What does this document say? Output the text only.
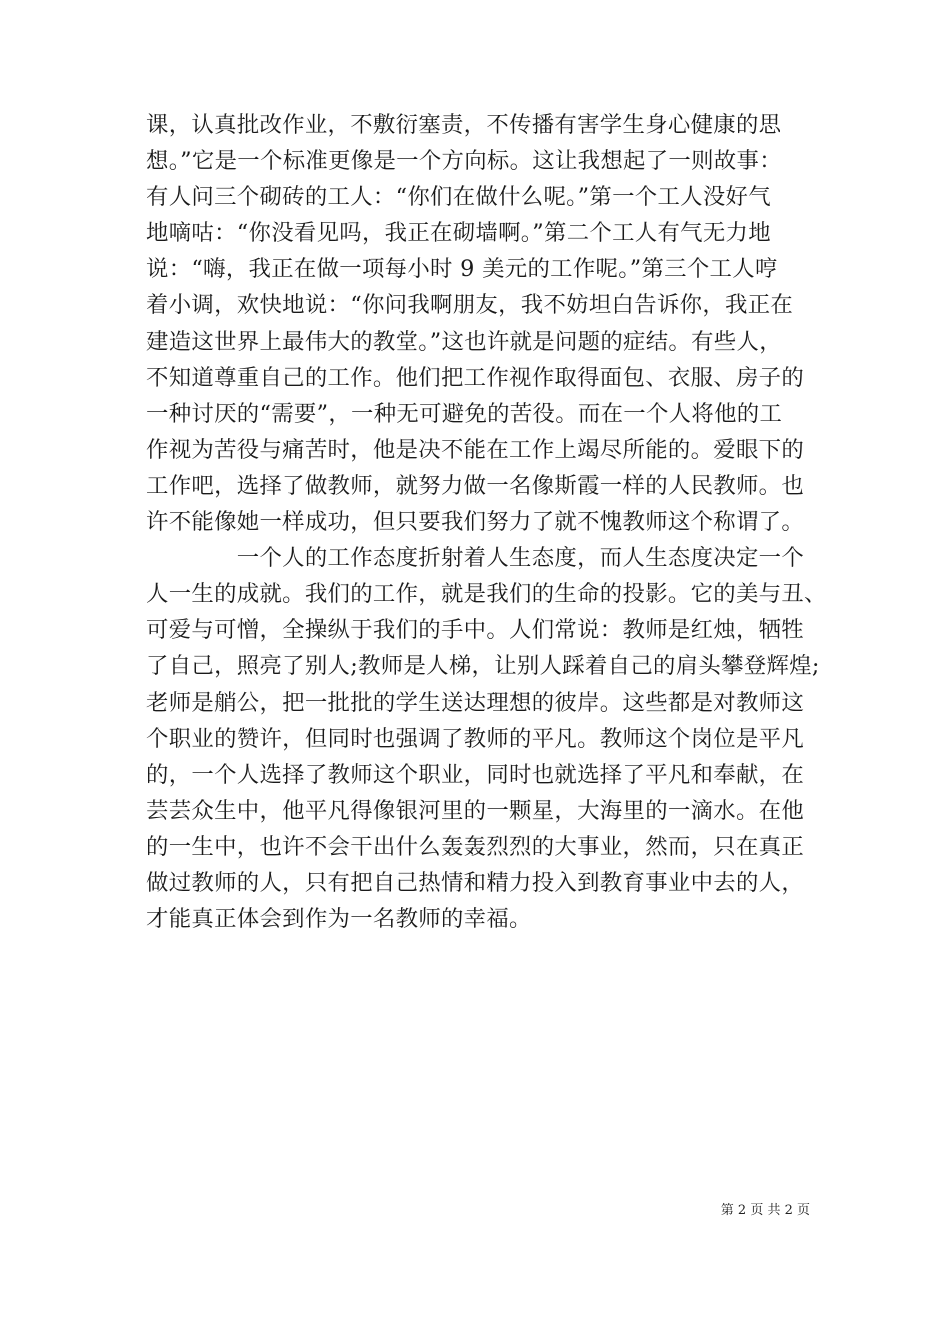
课，认真批改作业，不敷衍塞责，不传播有害学生身心健康的思
想。”它是一个标准更像是一个方向标。这让我想起了一则故事：
有人问三个砌砖的工人：“你们在做什么呢。”第一个工人没好气
地嘀咕：“你没看见吗，我正在砌墙啊。”第二个工人有气无力地
说：“嗨，我正在做一项每小时 9 美元的工作呢。”第三个工人哼
着小调，欢快地说：“你问我啊朋友，我不妨坦白告诉你，我正在
建造这世界上最伟大的教堂。”这也许就是问题的症结。有些人，
不知道尊重自己的工作。他们把工作视作取得面包、衣服、房子的
一种讨厌的“需要”，一种无可避免的苦役。而在一个人将他的工
作视为苦役与痛苦时，他是决不能在工作上竭尽所能的。爱眼下的
工作吧，选择了做教师，就努力做一名像斯霞一样的人民教师。也
许不能像她一样成功，但只要我们努力了就不愧教师这个称谓了。
　　　　一个人的工作态度折射着人生态度，而人生态度决定一个
人一生的成就。我们的工作，就是我们的生命的投影。它的美与丑、
可爱与可憎，全操纵于我们的手中。人们常说：教师是红烛，牺牲
了自己，照亮了别人;教师是人梯，让别人踩着自己的肩头攀登辉煌;
老师是艄公，把一批批的学生送达理想的彼岸。这些都是对教师这
个职业的赞许，但同时也强调了教师的平凡。教师这个岗位是平凡
的，一个人选择了教师这个职业，同时也就选择了平凡和奉献，在
芸芸众生中，他平凡得像银河里的一颗星，大海里的一滴水。在他
的一生中，也许不会干出什么轰轰烈烈的大事业，然而，只在真正
做过教师的人，只有把自己热情和精力投入到教育事业中去的人，
才能真正体会到作为一名教师的幸福。
第 2 页 共 2 页
